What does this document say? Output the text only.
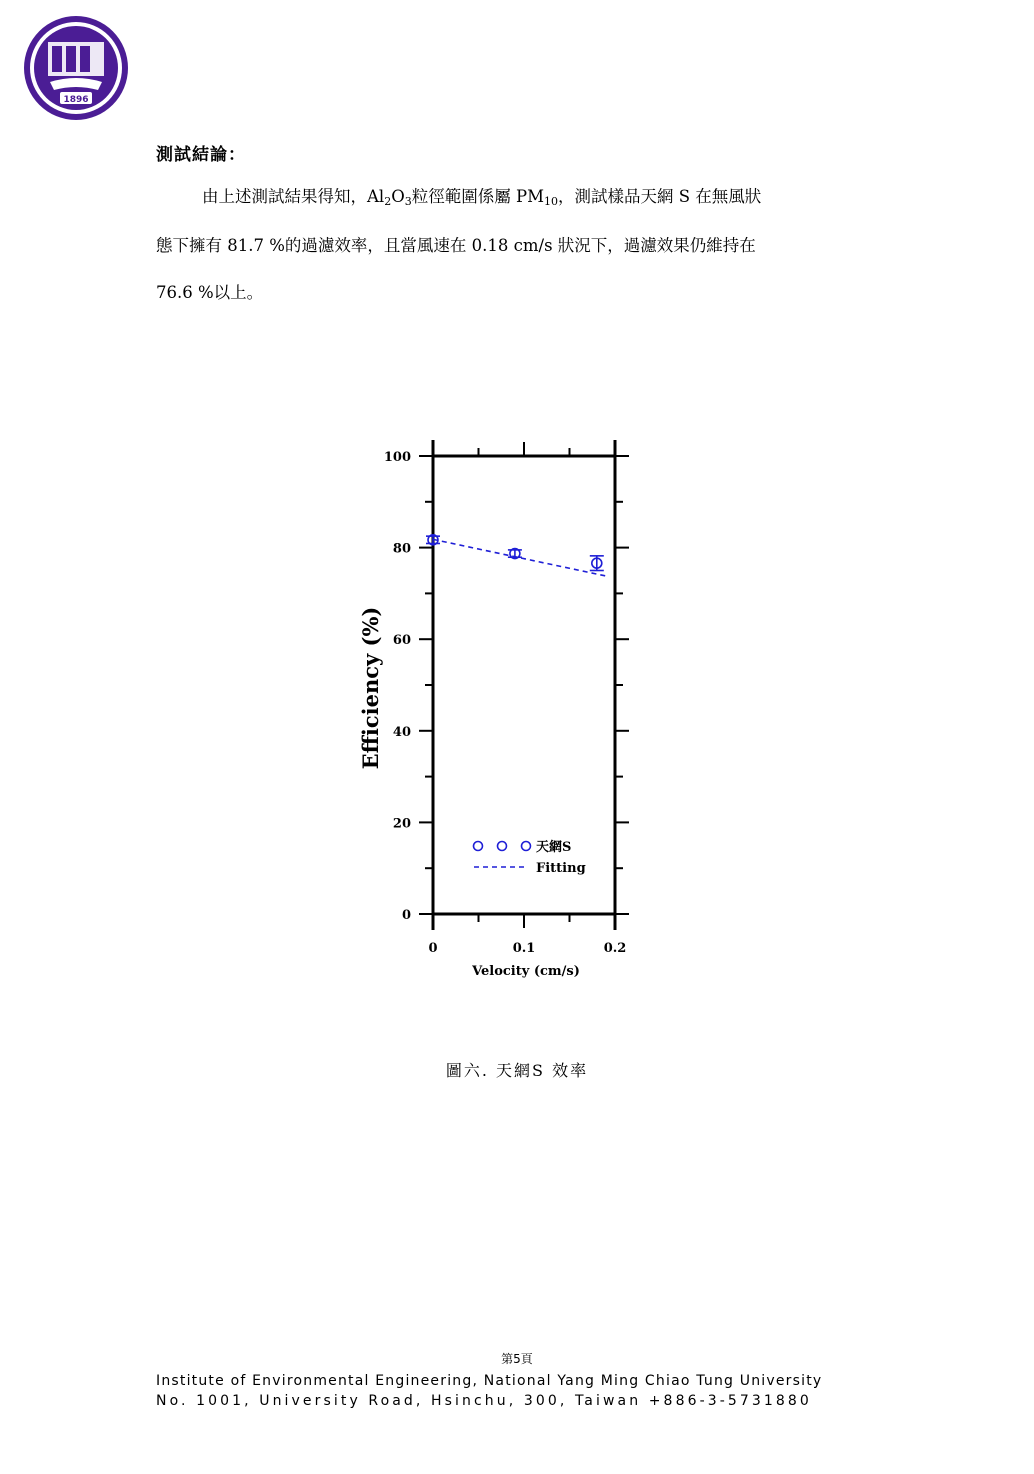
1896
測試結論：
由上述測試結果得知，$Al_2O_3$粒徑範圍係屬 $PM_{10}$，測試樣品天網 S 在無風狀
態下擁有 81.7 %的過濾效率，且當風速在 0.18 cm/s 狀況下，過濾效果仍維持在
76.6 %以上。
0
20
40
60
80
100
0	0.1	0.2
天網S
Fitting
Velocity (cm/s)
Efficiency (%)
圖六. 天網S 效率
第5頁
Institute of Environmental Engineering, National Yang Ming Chiao Tung University
No. 1001, University Road, Hsinchu, 300, Taiwan +886-3-5731880
